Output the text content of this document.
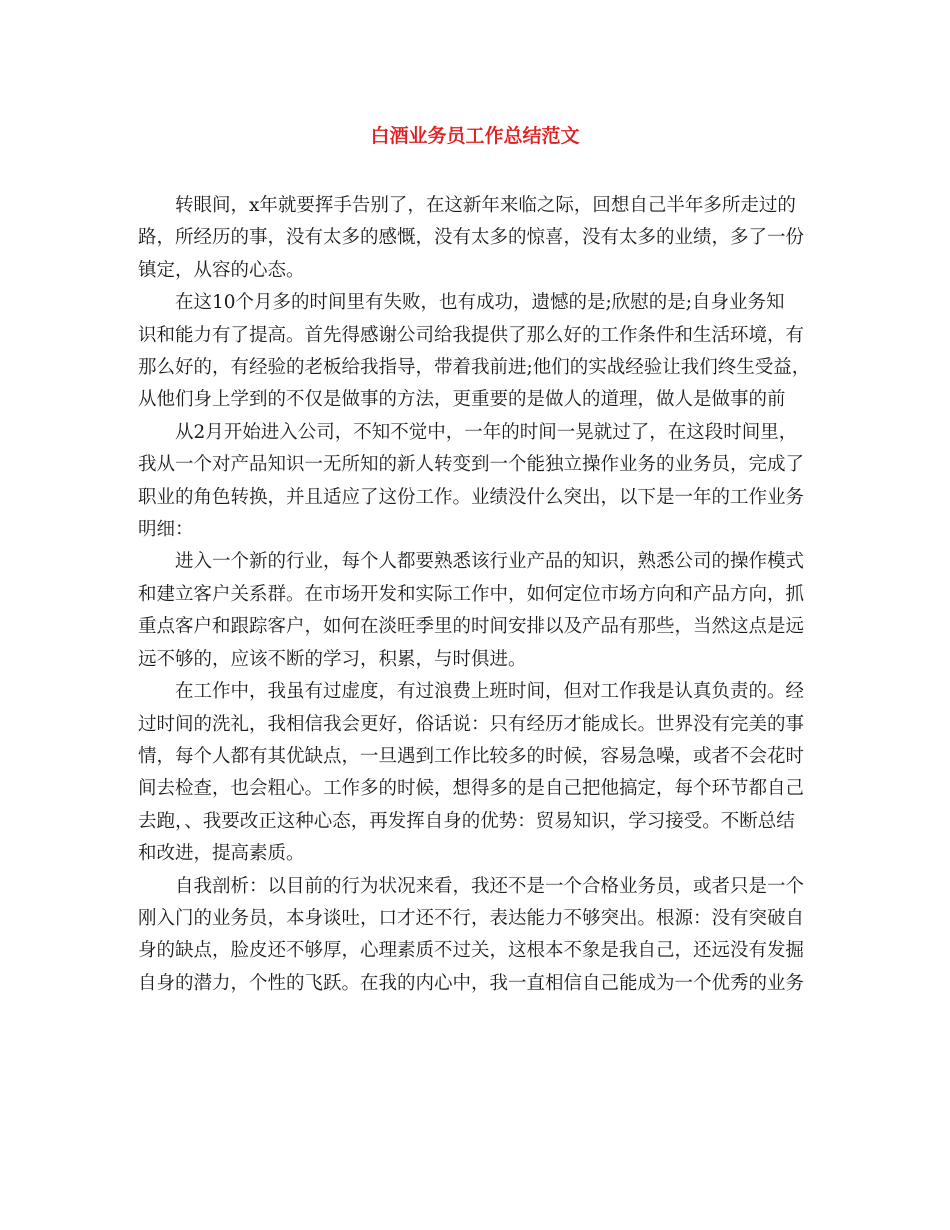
白酒业务员工作总结范文

转眼间，x年就要挥手告别了，在这新年来临之际，回想自己半年多所走过的
路，所经历的事，没有太多的感慨，没有太多的惊喜，没有太多的业绩，多了一份
镇定，从容的心态。

在这10个月多的时间里有失败，也有成功，遗憾的是;欣慰的是;自身业务知
识和能力有了提高。首先得感谢公司给我提供了那么好的工作条件和生活环境，有
那么好的，有经验的老板给我指导，带着我前进;他们的实战经验让我们终生受益，
从他们身上学到的不仅是做事的方法，更重要的是做人的道理，做人是做事的前

从2月开始进入公司，不知不觉中，一年的时间一晃就过了，在这段时间里，
我从一个对产品知识一无所知的新人转变到一个能独立操作业务的业务员，完成了
职业的角色转换，并且适应了这份工作。业绩没什么突出，以下是一年的工作业务
明细：

进入一个新的行业，每个人都要熟悉该行业产品的知识，熟悉公司的操作模式
和建立客户关系群。在市场开发和实际工作中，如何定位市场方向和产品方向，抓
重点客户和跟踪客户，如何在淡旺季里的时间安排以及产品有那些，当然这点是远
远不够的，应该不断的学习，积累，与时俱进。

在工作中，我虽有过虚度，有过浪费上班时间，但对工作我是认真负责的。经
过时间的洗礼，我相信我会更好，俗话说：只有经历才能成长。世界没有完美的事
情，每个人都有其优缺点，一旦遇到工作比较多的时候，容易急噪，或者不会花时
间去检查，也会粗心。工作多的时候，想得多的是自己把他搞定，每个环节都自己
去跑，、我要改正这种心态，再发挥自身的优势：贸易知识，学习接受。不断总结
和改进，提高素质。

自我剖析：以目前的行为状况来看，我还不是一个合格业务员，或者只是一个
刚入门的业务员，本身谈吐，口才还不行，表达能力不够突出。根源：没有突破自
身的缺点，脸皮还不够厚，心理素质不过关，这根本不象是我自己，还远没有发掘
自身的潜力，个性的飞跃。在我的内心中，我一直相信自己能成为一个优秀的业务
